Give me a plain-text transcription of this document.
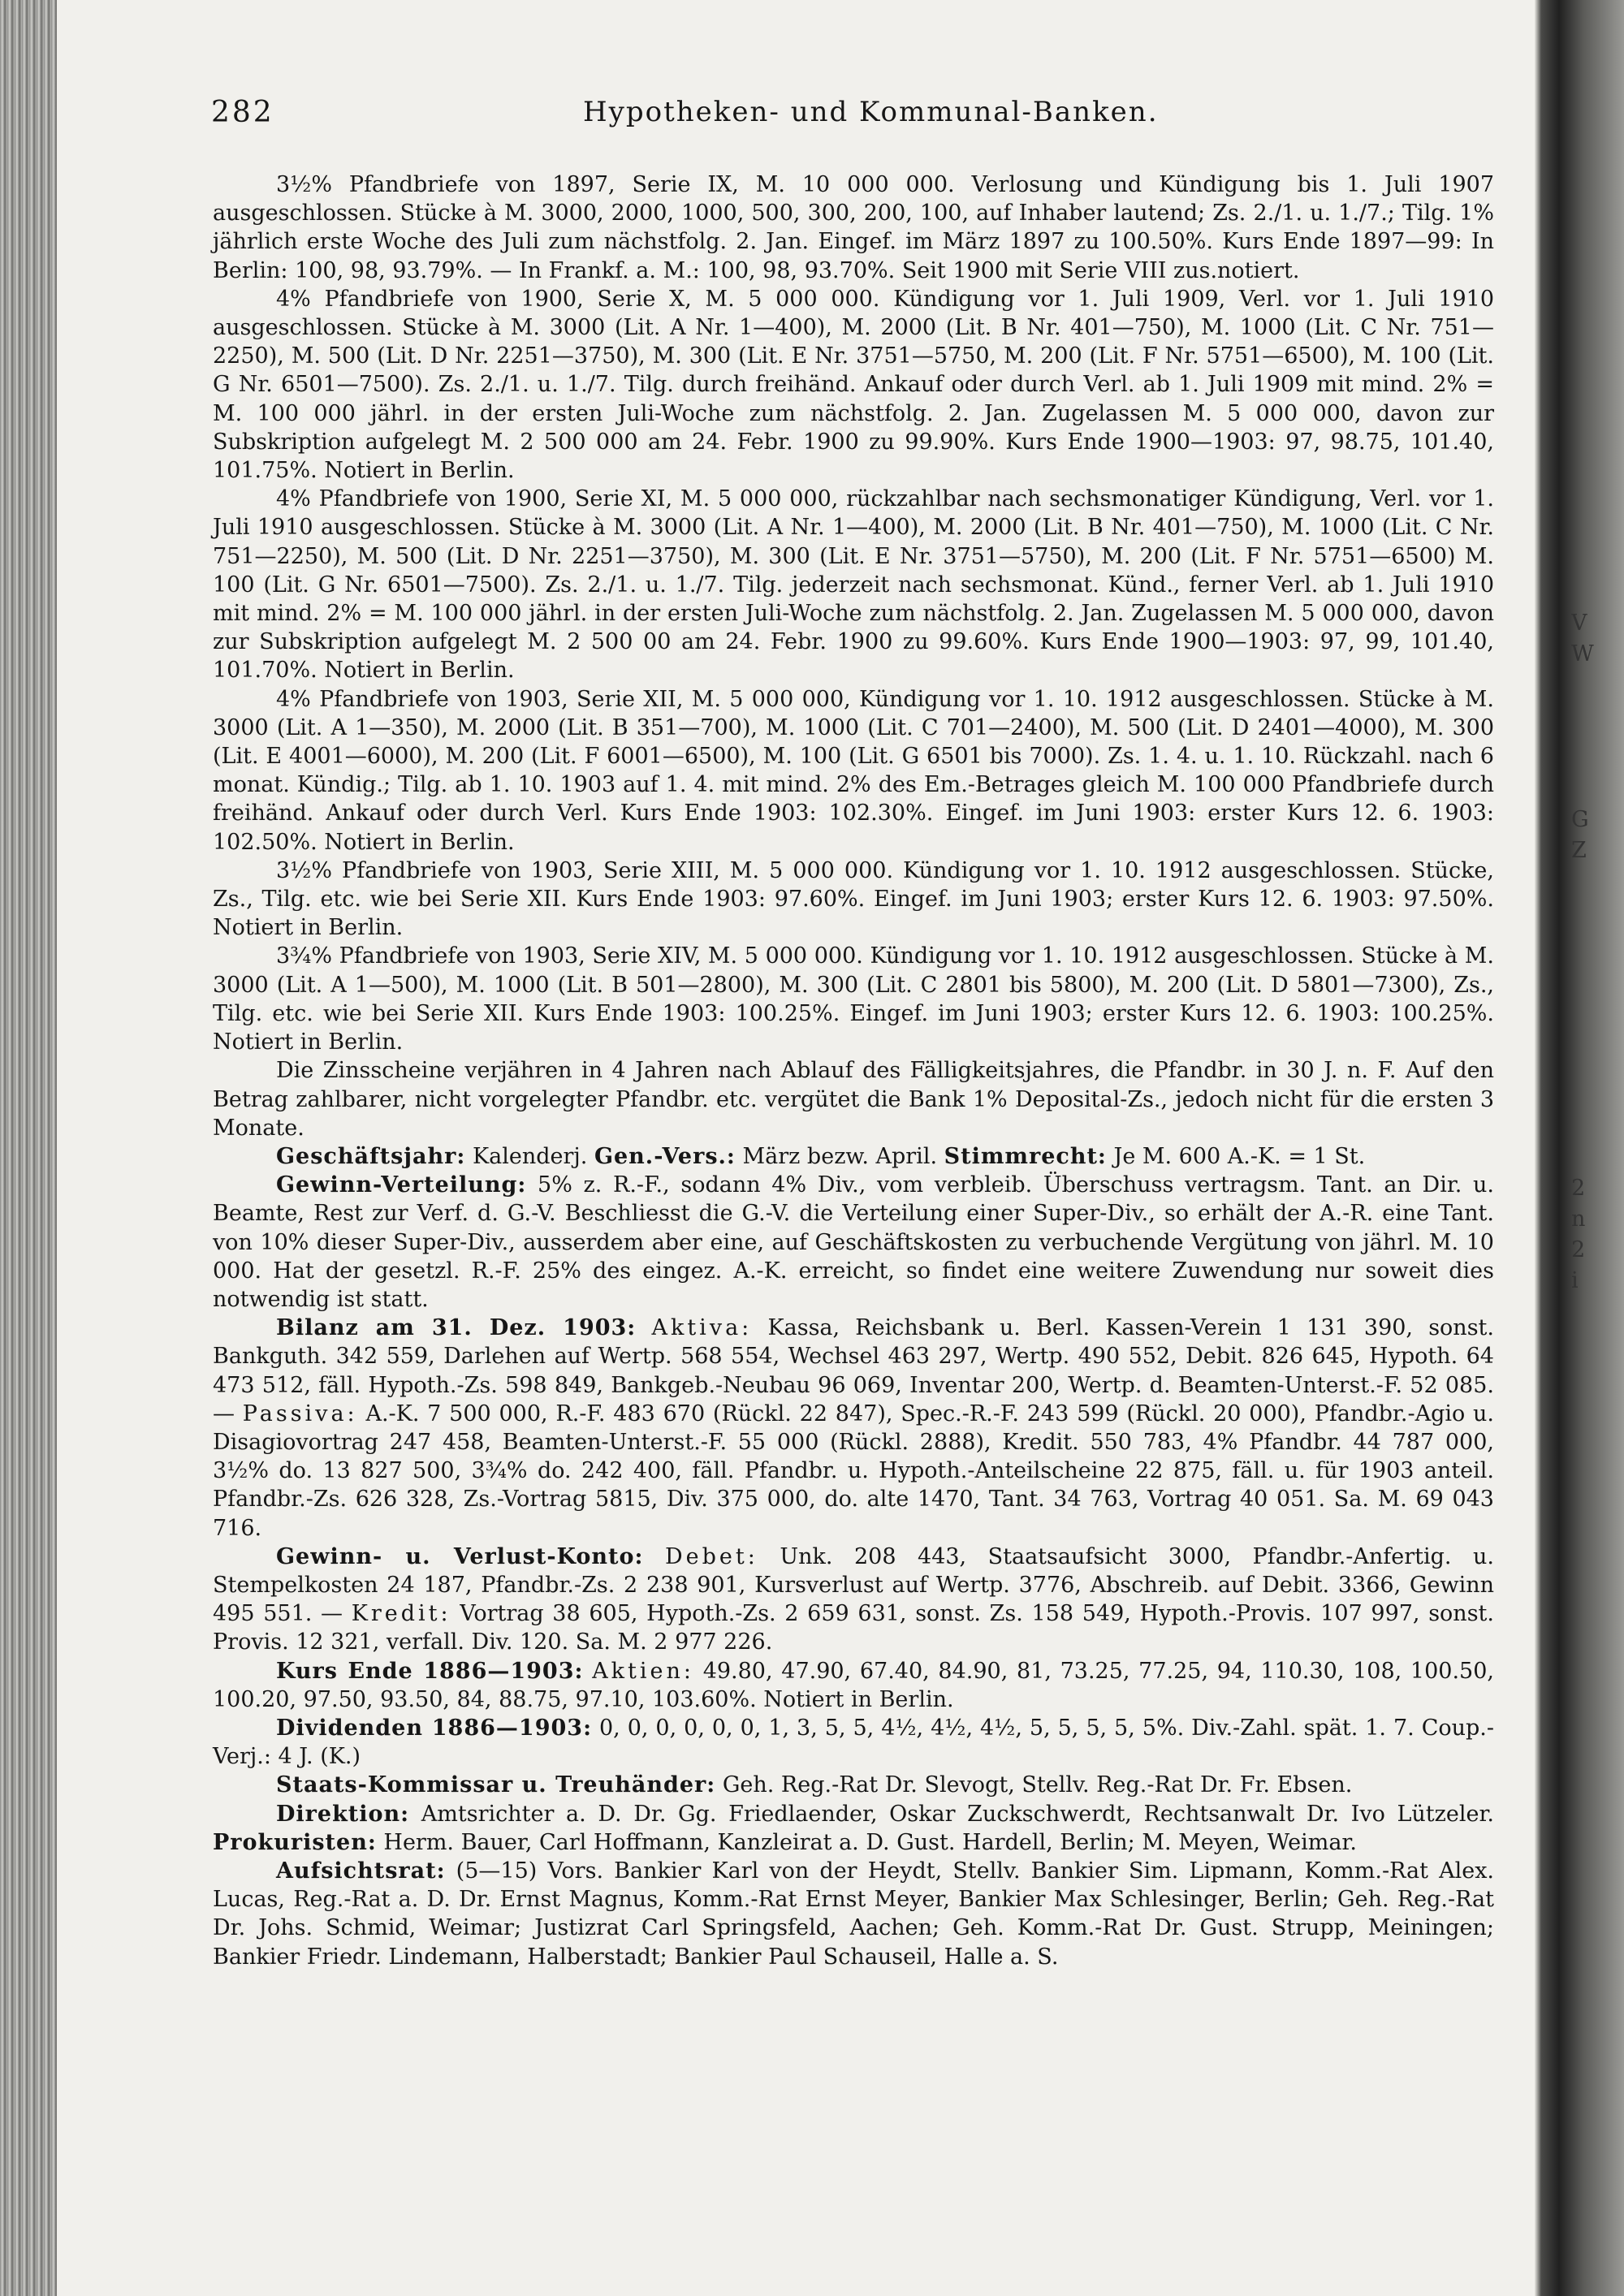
V
W
G
Z
2
n
2
i
282	Hypotheken- und Kommunal-Banken.

3½% Pfandbriefe von 1897, Serie IX, M. 10 000 000. Verlosung und Kündigung bis 1. Juli 1907 ausgeschlossen. Stücke à M. 3000, 2000, 1000, 500, 300, 200, 100, auf Inhaber lautend; Zs. 2./1. u. 1./7.; Tilg. 1% jährlich erste Woche des Juli zum nächstfolg. 2. Jan. Eingef. im März 1897 zu 100.50%. Kurs Ende 1897—99: In Berlin: 100, 98, 93.79%. — In Frankf. a. M.: 100, 98, 93.70%. Seit 1900 mit Serie VIII zus.notiert.

4% Pfandbriefe von 1900, Serie X, M. 5 000 000. Kündigung vor 1. Juli 1909, Verl. vor 1. Juli 1910 ausgeschlossen. Stücke à M. 3000 (Lit. A Nr. 1—400), M. 2000 (Lit. B Nr. 401—750), M. 1000 (Lit. C Nr. 751—2250), M. 500 (Lit. D Nr. 2251—3750), M. 300 (Lit. E Nr. 3751—5750, M. 200 (Lit. F Nr. 5751—6500), M. 100 (Lit. G Nr. 6501—7500). Zs. 2./1. u. 1./7. Tilg. durch freihänd. Ankauf oder durch Verl. ab 1. Juli 1909 mit mind. 2% = M. 100 000 jährl. in der ersten Juli-Woche zum nächstfolg. 2. Jan. Zugelassen M. 5 000 000, davon zur Subskription aufgelegt M. 2 500 000 am 24. Febr. 1900 zu 99.90%. Kurs Ende 1900—1903: 97, 98.75, 101.40, 101.75%. Notiert in Berlin.

4% Pfandbriefe von 1900, Serie XI, M. 5 000 000, rückzahlbar nach sechsmonatiger Kündigung, Verl. vor 1. Juli 1910 ausgeschlossen. Stücke à M. 3000 (Lit. A Nr. 1—400), M. 2000 (Lit. B Nr. 401—750), M. 1000 (Lit. C Nr. 751—2250), M. 500 (Lit. D Nr. 2251—3750), M. 300 (Lit. E Nr. 3751—5750), M. 200 (Lit. F Nr. 5751—6500) M. 100 (Lit. G Nr. 6501—7500). Zs. 2./1. u. 1./7. Tilg. jederzeit nach sechsmonat. Künd., ferner Verl. ab 1. Juli 1910 mit mind. 2% = M. 100 000 jährl. in der ersten Juli-Woche zum nächstfolg. 2. Jan. Zugelassen M. 5 000 000, davon zur Subskription aufgelegt M. 2 500 00 am 24. Febr. 1900 zu 99.60%. Kurs Ende 1900—1903: 97, 99, 101.40, 101.70%. Notiert in Berlin.

4% Pfandbriefe von 1903, Serie XII, M. 5 000 000, Kündigung vor 1. 10. 1912 ausgeschlossen. Stücke à M. 3000 (Lit. A 1—350), M. 2000 (Lit. B 351—700), M. 1000 (Lit. C 701—2400), M. 500 (Lit. D 2401—4000), M. 300 (Lit. E 4001—6000), M. 200 (Lit. F 6001—6500), M. 100 (Lit. G 6501 bis 7000). Zs. 1. 4. u. 1. 10. Rückzahl. nach 6 monat. Kündig.; Tilg. ab 1. 10. 1903 auf 1. 4. mit mind. 2% des Em.-Betrages gleich M. 100 000 Pfandbriefe durch freihänd. Ankauf oder durch Verl. Kurs Ende 1903: 102.30%. Eingef. im Juni 1903: erster Kurs 12. 6. 1903: 102.50%. Notiert in Berlin.

3½% Pfandbriefe von 1903, Serie XIII, M. 5 000 000. Kündigung vor 1. 10. 1912 ausgeschlossen. Stücke, Zs., Tilg. etc. wie bei Serie XII. Kurs Ende 1903: 97.60%. Eingef. im Juni 1903; erster Kurs 12. 6. 1903: 97.50%. Notiert in Berlin.

3¾% Pfandbriefe von 1903, Serie XIV, M. 5 000 000. Kündigung vor 1. 10. 1912 ausgeschlossen. Stücke à M. 3000 (Lit. A 1—500), M. 1000 (Lit. B 501—2800), M. 300 (Lit. C 2801 bis 5800), M. 200 (Lit. D 5801—7300), Zs., Tilg. etc. wie bei Serie XII. Kurs Ende 1903: 100.25%. Eingef. im Juni 1903; erster Kurs 12. 6. 1903: 100.25%. Notiert in Berlin.

Die Zinsscheine verjähren in 4 Jahren nach Ablauf des Fälligkeitsjahres, die Pfandbr. in 30 J. n. F. Auf den Betrag zahlbarer, nicht vorgelegter Pfandbr. etc. vergütet die Bank 1% Deposital-Zs., jedoch nicht für die ersten 3 Monate.

Geschäftsjahr: Kalenderj. Gen.-Vers.: März bezw. April. Stimmrecht: Je M. 600 A.-K. = 1 St.

Gewinn-Verteilung: 5% z. R.-F., sodann 4% Div., vom verbleib. Überschuss vertragsm. Tant. an Dir. u. Beamte, Rest zur Verf. d. G.-V. Beschliesst die G.-V. die Verteilung einer Super-Div., so erhält der A.-R. eine Tant. von 10% dieser Super-Div., ausserdem aber eine, auf Geschäftskosten zu verbuchende Vergütung von jährl. M. 10 000. Hat der gesetzl. R.-F. 25% des eingez. A.-K. erreicht, so findet eine weitere Zuwendung nur soweit dies notwendig ist statt.

Bilanz am 31. Dez. 1903: Aktiva: Kassa, Reichsbank u. Berl. Kassen-Verein 1 131 390, sonst. Bankguth. 342 559, Darlehen auf Wertp. 568 554, Wechsel 463 297, Wertp. 490 552, Debit. 826 645, Hypoth. 64 473 512, fäll. Hypoth.-Zs. 598 849, Bankgeb.-Neubau 96 069, Inventar 200, Wertp. d. Beamten-Unterst.-F. 52 085. — Passiva: A.-K. 7 500 000, R.-F. 483 670 (Rückl. 22 847), Spec.-R.-F. 243 599 (Rückl. 20 000), Pfandbr.-Agio u. Disagiovortrag 247 458, Beamten-Unterst.-F. 55 000 (Rückl. 2888), Kredit. 550 783, 4% Pfandbr. 44 787 000, 3½% do. 13 827 500, 3¾% do. 242 400, fäll. Pfandbr. u. Hypoth.-Anteilscheine 22 875, fäll. u. für 1903 anteil. Pfandbr.-Zs. 626 328, Zs.-Vortrag 5815, Div. 375 000, do. alte 1470, Tant. 34 763, Vortrag 40 051. Sa. M. 69 043 716.

Gewinn- u. Verlust-Konto: Debet: Unk. 208 443, Staatsaufsicht 3000, Pfandbr.-Anfertig. u. Stempelkosten 24 187, Pfandbr.-Zs. 2 238 901, Kursverlust auf Wertp. 3776, Abschreib. auf Debit. 3366, Gewinn 495 551. — Kredit: Vortrag 38 605, Hypoth.-Zs. 2 659 631, sonst. Zs. 158 549, Hypoth.-Provis. 107 997, sonst. Provis. 12 321, verfall. Div. 120. Sa. M. 2 977 226.

Kurs Ende 1886—1903: Aktien: 49.80, 47.90, 67.40, 84.90, 81, 73.25, 77.25, 94, 110.30, 108, 100.50, 100.20, 97.50, 93.50, 84, 88.75, 97.10, 103.60%. Notiert in Berlin.

Dividenden 1886—1903: 0, 0, 0, 0, 0, 0, 1, 3, 5, 5, 4½, 4½, 4½, 5, 5, 5, 5, 5%. Div.-Zahl. spät. 1. 7. Coup.-Verj.: 4 J. (K.)

Staats-Kommissar u. Treuhänder: Geh. Reg.-Rat Dr. Slevogt, Stellv. Reg.-Rat Dr. Fr. Ebsen.

Direktion: Amtsrichter a. D. Dr. Gg. Friedlaender, Oskar Zuckschwerdt, Rechtsanwalt Dr. Ivo Lützeler. Prokuristen: Herm. Bauer, Carl Hoffmann, Kanzleirat a. D. Gust. Hardell, Berlin; M. Meyen, Weimar.

Aufsichtsrat: (5—15) Vors. Bankier Karl von der Heydt, Stellv. Bankier Sim. Lipmann, Komm.-Rat Alex. Lucas, Reg.-Rat a. D. Dr. Ernst Magnus, Komm.-Rat Ernst Meyer, Bankier Max Schlesinger, Berlin; Geh. Reg.-Rat Dr. Johs. Schmid, Weimar; Justizrat Carl Springsfeld, Aachen; Geh. Komm.-Rat Dr. Gust. Strupp, Meiningen; Bankier Friedr. Lindemann, Halberstadt; Bankier Paul Schauseil, Halle a. S.
